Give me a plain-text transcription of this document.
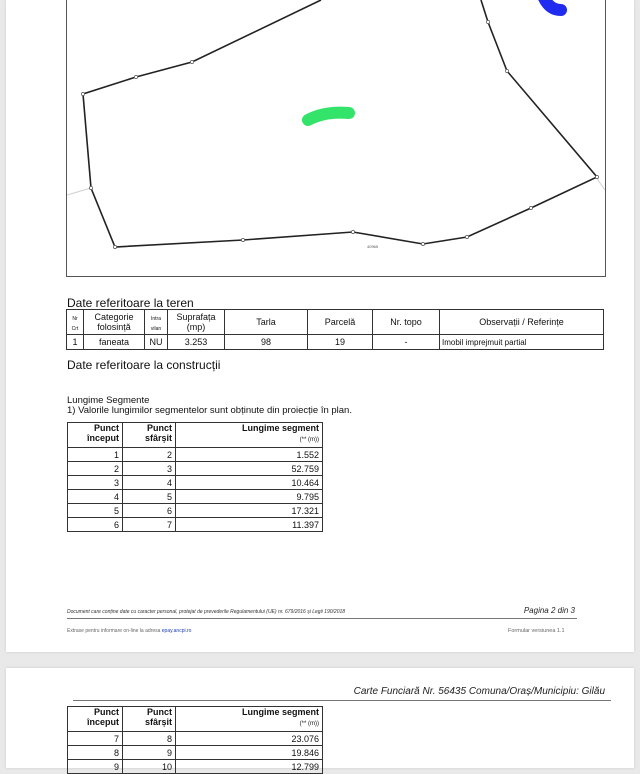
40965
Date referitoare la teren
Nr Crt	Categorie folosință	Intra vilan	Suprafața (mp)	Tarla	Parcelă	Nr. topo	Observații / Referințe
1	faneata	NU	3.253	98	19	-	Imobil imprejmuit partial
Date referitoare la construcții
Lungime Segmente
1) Valorile lungimilor segmentelor sunt obținute din proiecție în plan.
Punct început	Punct sfârșit	Lungime segment
(** (m))
1	2	1.552
2	3	52.759
3	4	10.464
4	5	9.795
5	6	17.321
6	7	11.397
Document care conține date cu caracter personal, protejat de prevederile Regulamentului (UE) nr. 679/2016 și Legii 190/2018	Pagina 2 din 3
Extrase pentru informare on-line la adresa epay.ancpi.ro	Formular versiunea 1.1
Carte Funciară Nr. 56435 Comuna/Oraș/Municipiu: Gilău
Punct început	Punct sfârșit	Lungime segment
(** (m))
7	8	23.076
8	9	19.846
9	10	12.799
